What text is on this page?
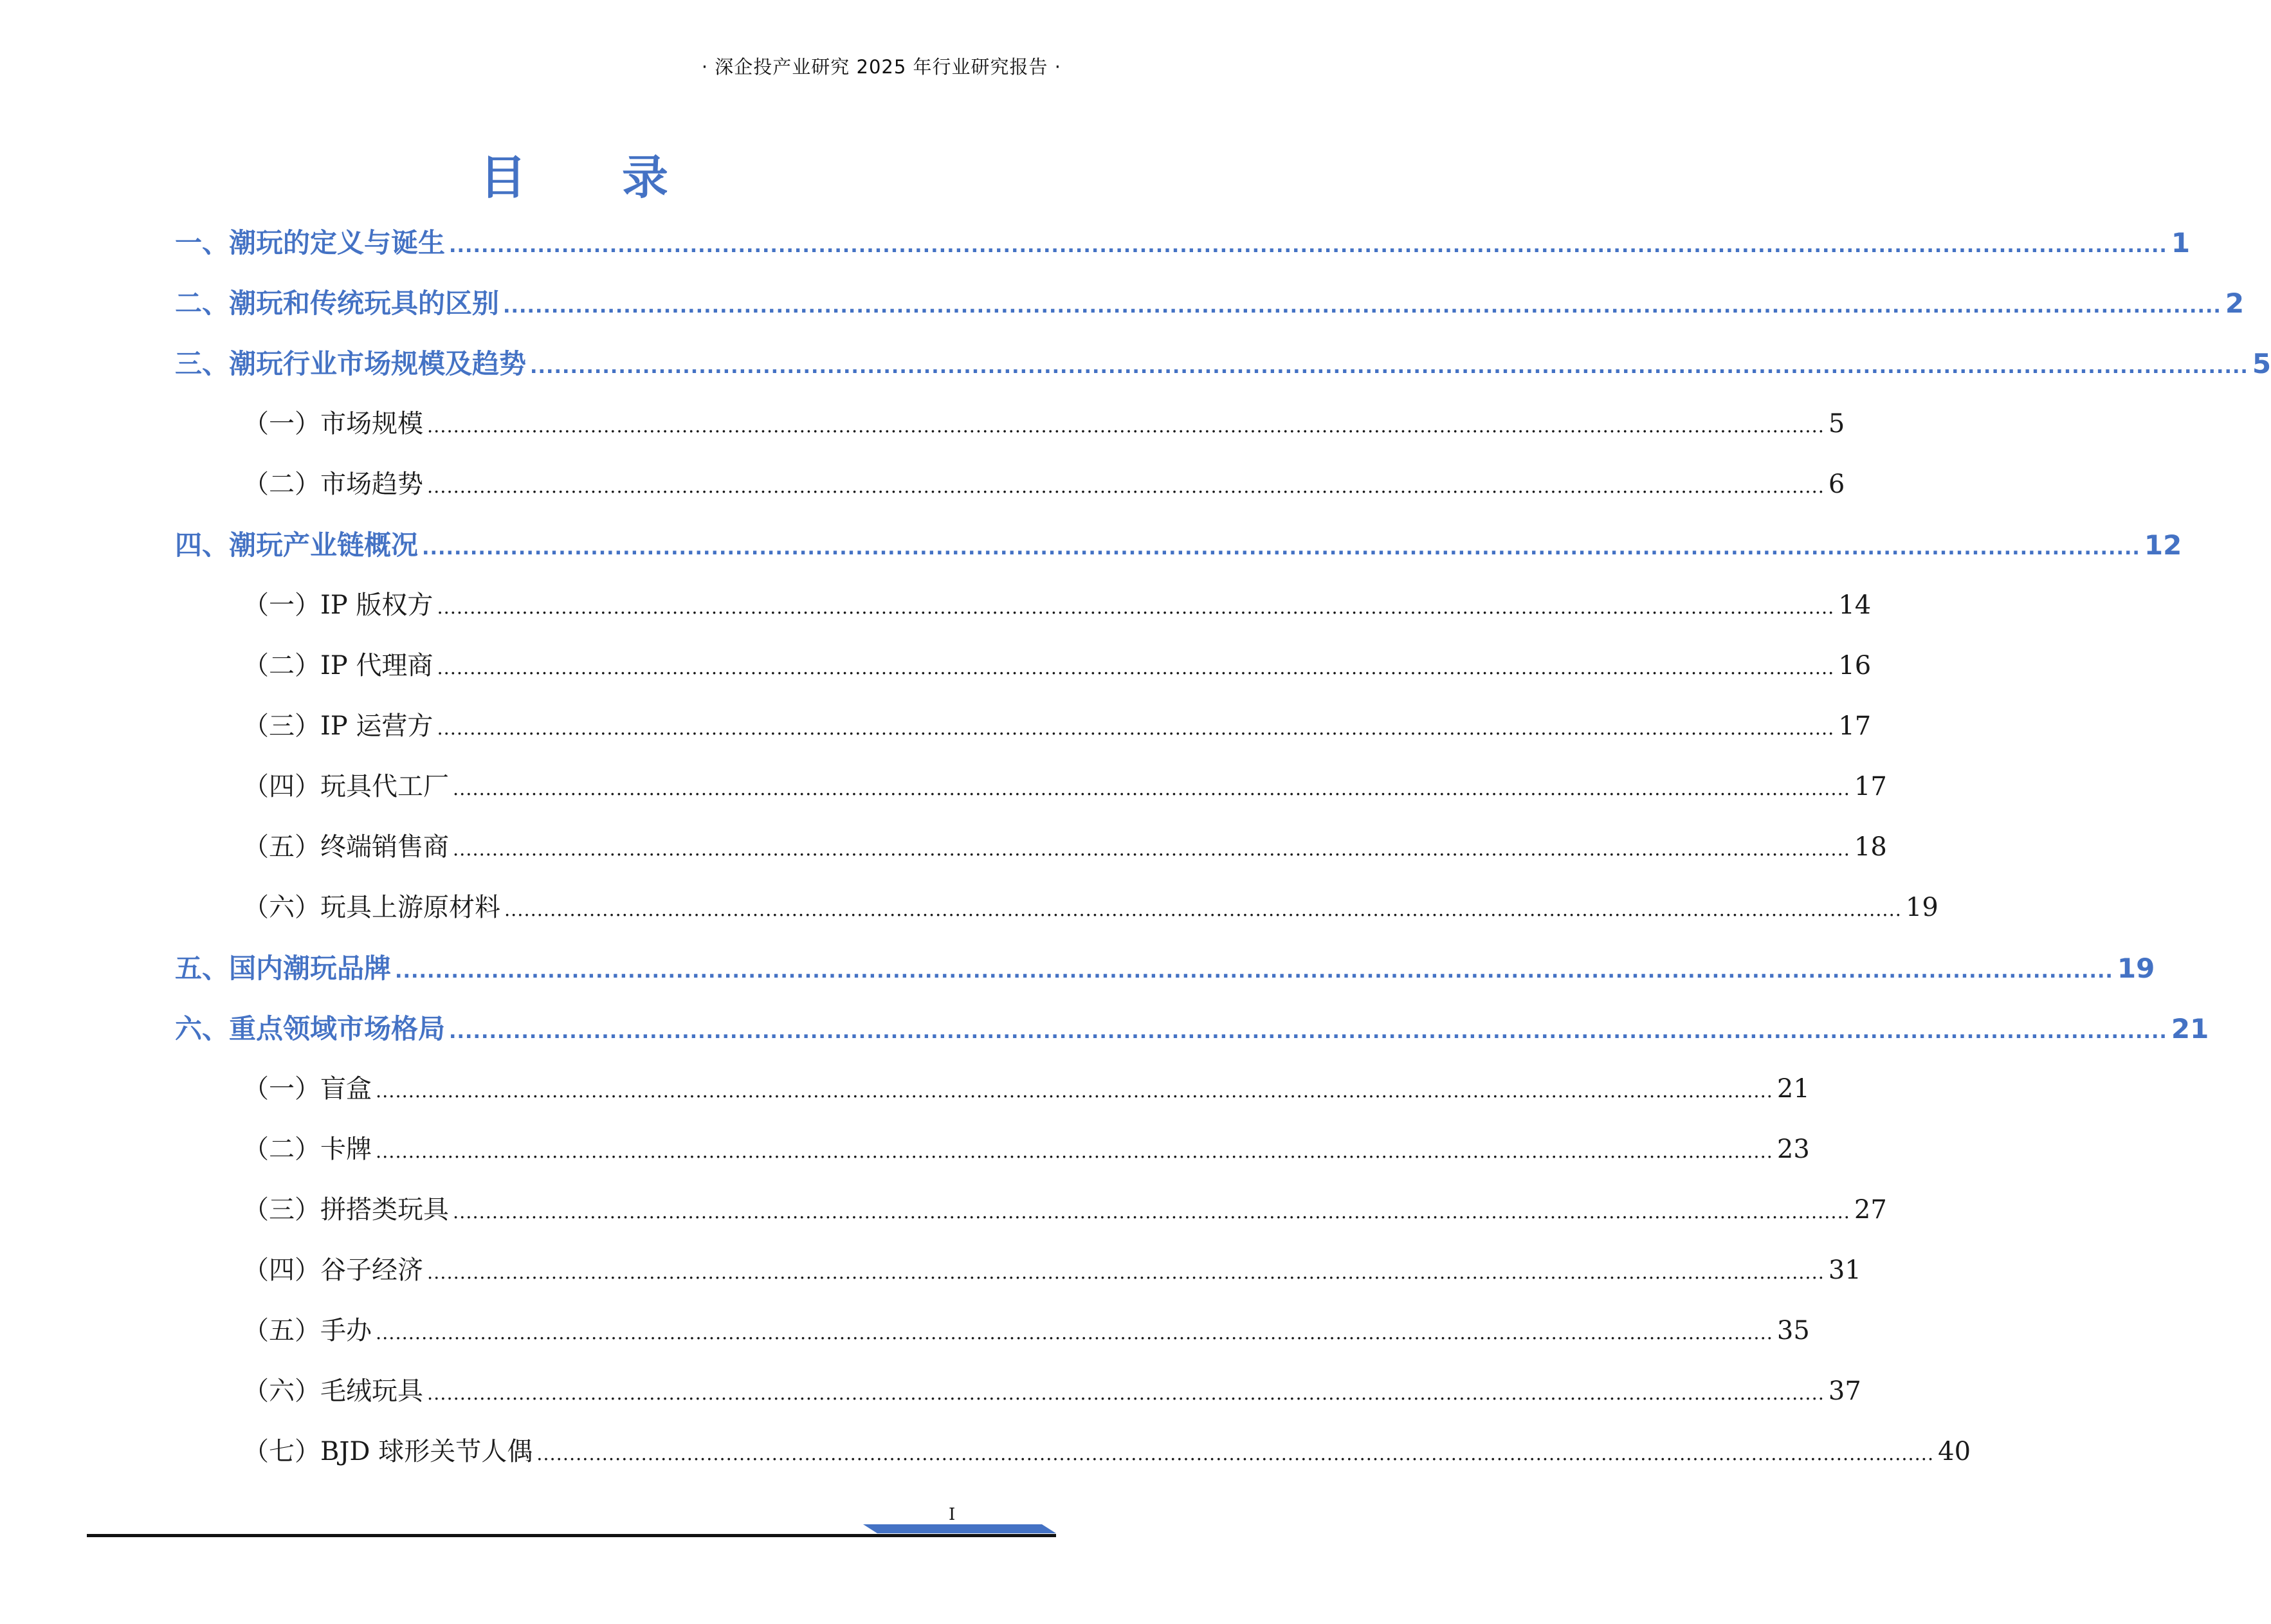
· 深企投产业研究 2025 年行业研究报告 ·
目 录
一、潮玩的定义与诞生 ...................................................................................................................................................................................................................... 1
二、潮玩和传统玩具的区别 ...................................................................................................................................................................................................................... 2
三、潮玩行业市场规模及趋势 ...................................................................................................................................................................................................................... 5
（一）市场规模 ...................................................................................................................................................................................................................... 5
（二）市场趋势 ...................................................................................................................................................................................................................... 6
四、潮玩产业链概况 ...................................................................................................................................................................................................................... 12
（一）IP 版权方 ...................................................................................................................................................................................................................... 14
（二）IP 代理商 ...................................................................................................................................................................................................................... 16
（三）IP 运营方 ...................................................................................................................................................................................................................... 17
（四）玩具代工厂 ...................................................................................................................................................................................................................... 17
（五）终端销售商 ...................................................................................................................................................................................................................... 18
（六）玩具上游原材料 ...................................................................................................................................................................................................................... 19
五、国内潮玩品牌 ...................................................................................................................................................................................................................... 19
六、重点领域市场格局 ...................................................................................................................................................................................................................... 21
（一）盲盒 ...................................................................................................................................................................................................................... 21
（二）卡牌 ...................................................................................................................................................................................................................... 23
（三）拼搭类玩具 ...................................................................................................................................................................................................................... 27
（四）谷子经济 ...................................................................................................................................................................................................................... 31
（五）手办 ...................................................................................................................................................................................................................... 35
（六）毛绒玩具 ...................................................................................................................................................................................................................... 37
（七）BJD 球形关节人偶 ...................................................................................................................................................................................................................... 40
I
